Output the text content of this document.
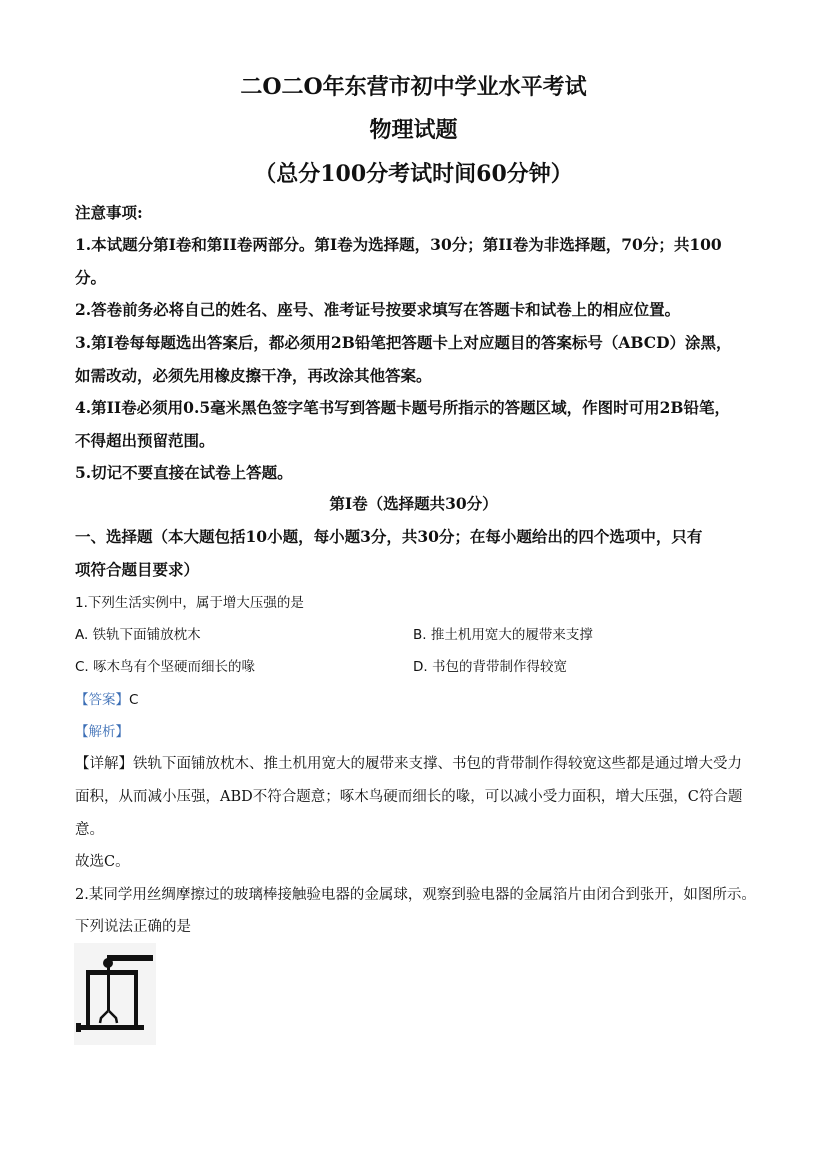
二O二O年东营市初中学业水平考试
物理试题
（总分100分考试时间60分钟）
注意事项:
1.本试题分第I卷和第II卷两部分。第I卷为选择题，30分；第II卷为非选择题，70分；共100
分。
2.答卷前务必将自己的姓名、座号、准考证号按要求填写在答题卡和试卷上的相应位置。
3.第I卷每每题选出答案后，都必须用2B铅笔把答题卡上对应题目的答案标号（ABCD）涂黑，
如需改动，必须先用橡皮擦干净，再改涂其他答案。
4.第II卷必须用0.5毫米黑色签字笔书写到答题卡题号所指示的答题区域，作图时可用2B铅笔，
不得超出预留范围。
5.切记不要直接在试卷上答题。
第I卷（选择题共30分）
一、选择题（本大题包括10小题，每小题3分，共30分；在每小题给出的四个选项中，只有
项符合题目要求）
1.下列生活实例中，属于增大压强的是
A. 铁轨下面铺放枕木	B. 推土机用宽大的履带来支撑
C. 啄木鸟有个坚硬而细长的喙	D. 书包的背带制作得较宽
【答案】C
【解析】
【详解】铁轨下面铺放枕木、推土机用宽大的履带来支撑、书包的背带制作得较宽这些都是通过增大受力
面积，从而减小压强，ABD不符合题意；啄木鸟硬而细长的喙，可以减小受力面积，增大压强，C符合题
意。
故选C。
2.某同学用丝绸摩擦过的玻璃棒接触验电器的金属球，观察到验电器的金属箔片由闭合到张开，如图所示。
下列说法正确的是
